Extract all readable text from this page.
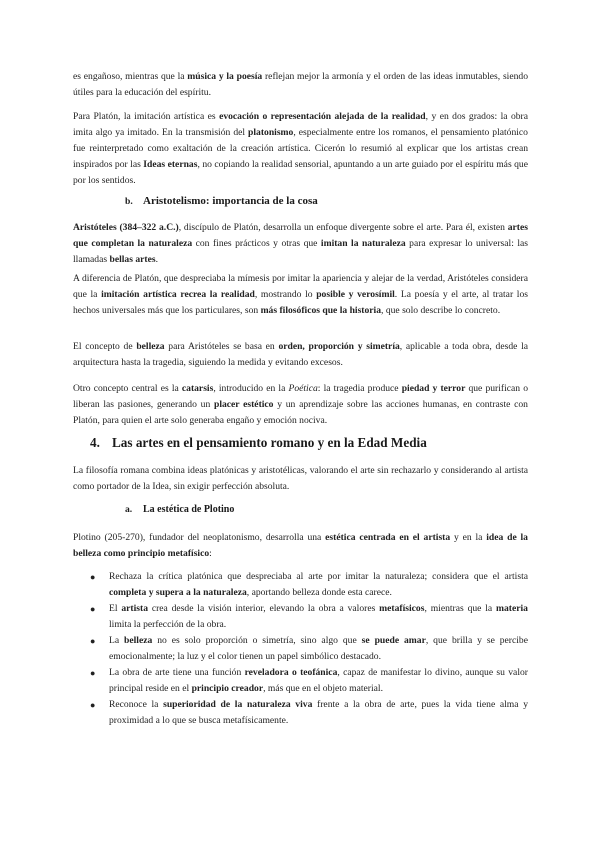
es engañoso, mientras que la música y la poesía reflejan mejor la armonía y el orden de las ideas inmutables, siendo útiles para la educación del espíritu.

Para Platón, la imitación artística es evocación o representación alejada de la realidad, y en dos grados: la obra imita algo ya imitado. En la transmisión del platonismo, especialmente entre los romanos, el pensamiento platónico fue reinterpretado como exaltación de la creación artística. Cicerón lo resumió al explicar que los artistas crean inspirados por las Ideas eternas, no copiando la realidad sensorial, apuntando a un arte guiado por el espíritu más que por los sentidos.

b. Aristotelismo: importancia de la cosa

Aristóteles (384–322 a.C.), discípulo de Platón, desarrolla un enfoque divergente sobre el arte. Para él, existen artes que completan la naturaleza con fines prácticos y otras que imitan la naturaleza para expresar lo universal: las llamadas bellas artes.

A diferencia de Platón, que despreciaba la mímesis por imitar la apariencia y alejar de la verdad, Aristóteles considera que la imitación artística recrea la realidad, mostrando lo posible y verosímil. La poesía y el arte, al tratar los hechos universales más que los particulares, son más filosóficos que la historia, que solo describe lo concreto.

El concepto de belleza para Aristóteles se basa en orden, proporción y simetría, aplicable a toda obra, desde la arquitectura hasta la tragedia, siguiendo la medida y evitando excesos.

Otro concepto central es la catarsis, introducido en la Poética: la tragedia produce piedad y terror que purifican o liberan las pasiones, generando un placer estético y un aprendizaje sobre las acciones humanas, en contraste con Platón, para quien el arte solo generaba engaño y emoción nociva.

4. Las artes en el pensamiento romano y en la Edad Media

La filosofía romana combina ideas platónicas y aristotélicas, valorando el arte sin rechazarlo y considerando al artista como portador de la Idea, sin exigir perfección absoluta.

a. La estética de Plotino

Plotino (205-270), fundador del neoplatonismo, desarrolla una estética centrada en el artista y en la idea de la belleza como principio metafísico:

● Rechaza la crítica platónica que despreciaba al arte por imitar la naturaleza; considera que el artista completa y supera a la naturaleza, aportando belleza donde esta carece.
● El artista crea desde la visión interior, elevando la obra a valores metafísicos, mientras que la materia limita la perfección de la obra.
● La belleza no es solo proporción o simetría, sino algo que se puede amar, que brilla y se percibe emocionalmente; la luz y el color tienen un papel simbólico destacado.
● La obra de arte tiene una función reveladora o teofánica, capaz de manifestar lo divino, aunque su valor principal reside en el principio creador, más que en el objeto material.
● Reconoce la superioridad de la naturaleza viva frente a la obra de arte, pues la vida tiene alma y proximidad a lo que se busca metafísicamente.
